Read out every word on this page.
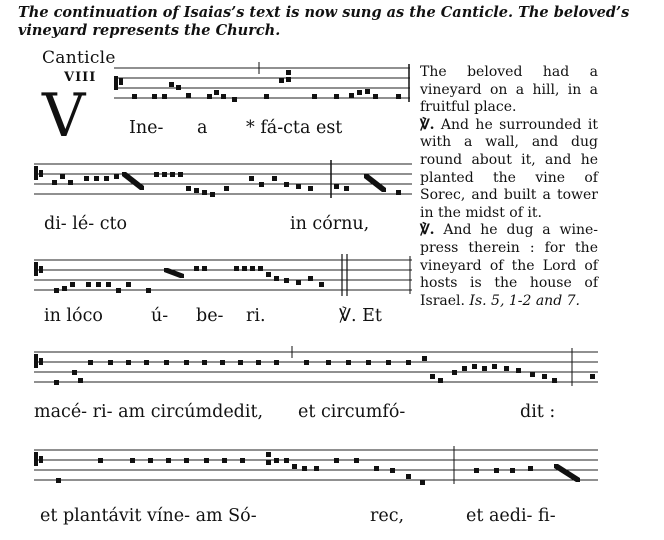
The continuation of Isaias’s text is now sung as the Canticle. The beloved’s vineyard represents the Church.
Canticle
VIII
V Ine- a * fá-cta est
di- lé- cto	in córnu,
in lóco	ú- be- ri.	℣. Et

The beloved had a vineyard on a hill, in a fruitful place.

℣. And he surrounded it with a wall, and dug round about it, and he planted the vine of Sorec, and built a tower in the midst of it.

℣. And he dug a wine-press therein : for the vineyard of the Lord of hosts is the house of Israel. Is. 5, 1-2 and 7.

macé- ri- am circúmdedit, et circumfó-	dit :
et plantávit víne- am Só-	rec,	et aedi- fi-
